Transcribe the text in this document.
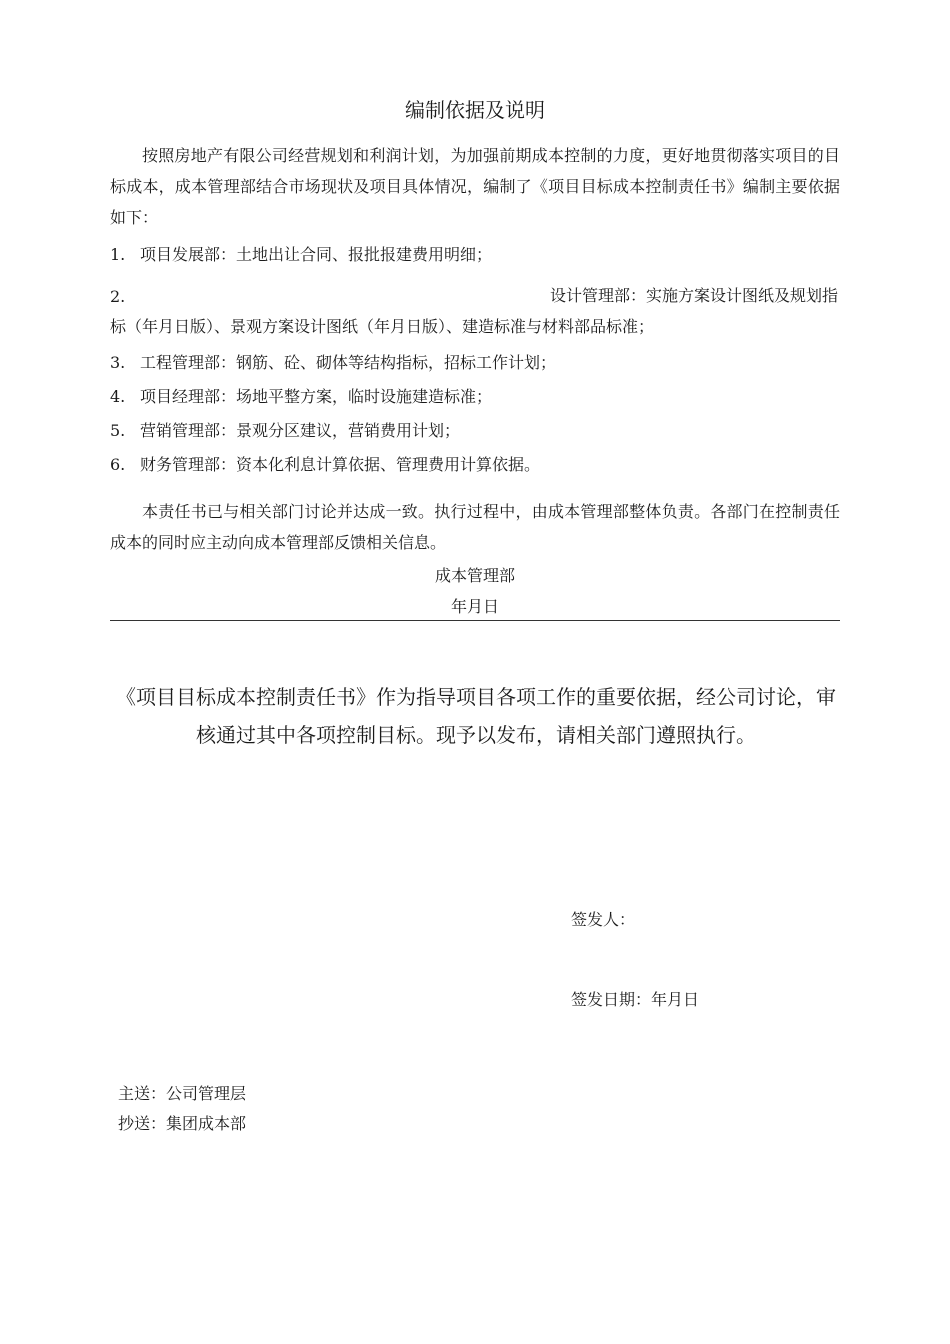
编制依据及说明
按照房地产有限公司经营规划和利润计划，为加强前期成本控制的力度，更好地贯彻落实项目的目标成本，成本管理部结合市场现状及项目具体情况，编制了《项目目标成本控制责任书》编制主要依据如下：
1. 项目发展部：土地出让合同、报批报建费用明细；
2.	设计管理部：实施方案设计图纸及规划指标（年月日版）、景观方案设计图纸（年月日版）、建造标准与材料部品标准；
3. 工程管理部：钢筋、砼、砌体等结构指标，招标工作计划；
4. 项目经理部：场地平整方案，临时设施建造标准；
5. 营销管理部：景观分区建议，营销费用计划；
6. 财务管理部：资本化利息计算依据、管理费用计算依据。
本责任书已与相关部门讨论并达成一致。执行过程中，由成本管理部整体负责。各部门在控制责任成本的同时应主动向成本管理部反馈相关信息。
成本管理部
年月日
《项目目标成本控制责任书》作为指导项目各项工作的重要依据，经公司讨论，审核通过其中各项控制目标。现予以发布，请相关部门遵照执行。
签发人：
签发日期：年月日
主送：公司管理层
抄送：集团成本部
